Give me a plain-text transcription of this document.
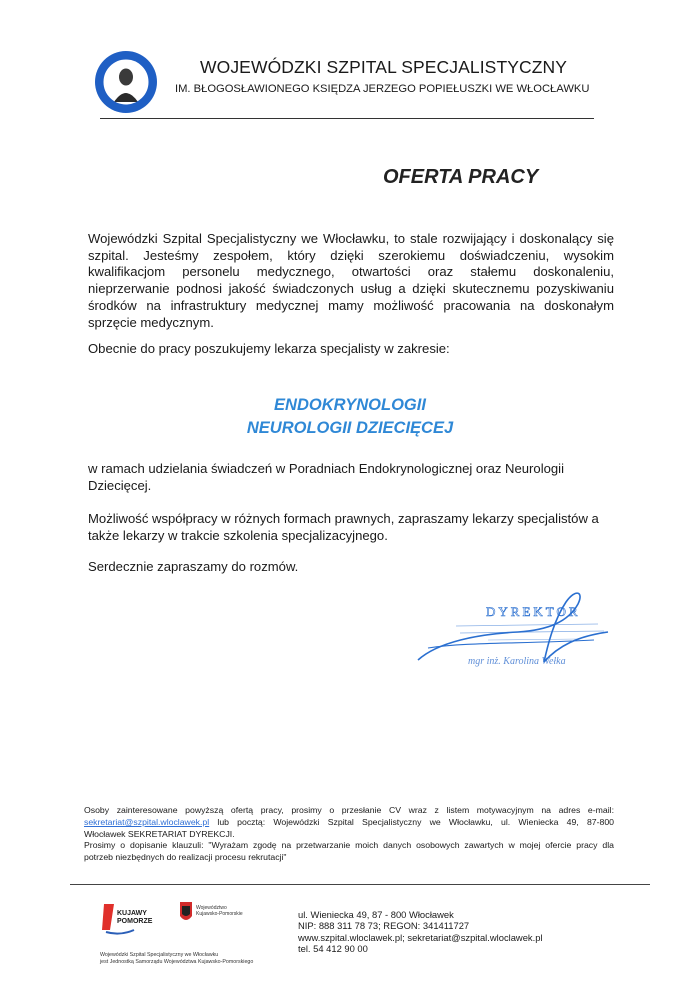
WOJEWÓDZKI SZPITAL SPECJALISTYCZNY
IM. BŁOGOSŁAWIONEGO KSIĘDZA JERZEGO POPIEŁUSZKI WE WŁOCŁAWKU
OFERTA PRACY
Wojewódzki Szpital Specjalistyczny we Włocławku, to stale rozwijający i doskonalący się szpital. Jesteśmy zespołem, który dzięki szerokiemu doświadczeniu, wysokim kwalifikacjom personelu medycznego, otwartości oraz stałemu doskonaleniu, nieprzerwanie podnosi jakość świadczonych usług a dzięki skutecznemu pozyskiwaniu środków na infrastruktury medycznej mamy możliwość pracowania na doskonałym sprzęcie medycznym.
Obecnie do pracy poszukujemy lekarza specjalisty w zakresie:
ENDOKRYNOLOGII
NEUROLOGII DZIECIĘCEJ
w ramach udzielania świadczeń w Poradniach Endokrynologicznej oraz Neurologii Dziecięcej.
Możliwość współpracy w różnych formach prawnych, zapraszamy lekarzy specjalistów a także lekarzy w trakcie szkolenia specjalizacyjnego.
Serdecznie zapraszamy do rozmów.
DYREKTOR
mgr inż. Karolina Wełka
Osoby zainteresowane powyższą ofertą pracy, prosimy o przesłanie CV wraz z listem motywacyjnym na adres e-mail:
sekretariat@szpital.wloclawek.pl lub pocztą: Wojewódzki Szpital Specjalistyczny we Włocławku, ul. Wieniecka 49, 87-800
Włocławek SEKRETARIAT DYREKCJI.
Prosimy o dopisanie klauzuli: "Wyrażam zgodę na przetwarzanie moich danych osobowych zawartych w mojej ofercie pracy dla
potrzeb niezbędnych do realizacji procesu rekrutacji"
KUJAWY
POMORZE
Województwo
Kujawsko-Pomorskie
Wojewódzki Szpital Specjalistyczny we Włocławku
jest Jednostką Samorządu Województwa Kujawsko-Pomorskiego
ul. Wieniecka 49, 87 - 800 Włocławek
NIP: 888 311 78 73; REGON: 341411727
www.szpital.wloclawek.pl; sekretariat@szpital.wloclawek.pl
tel. 54 412 90 00
